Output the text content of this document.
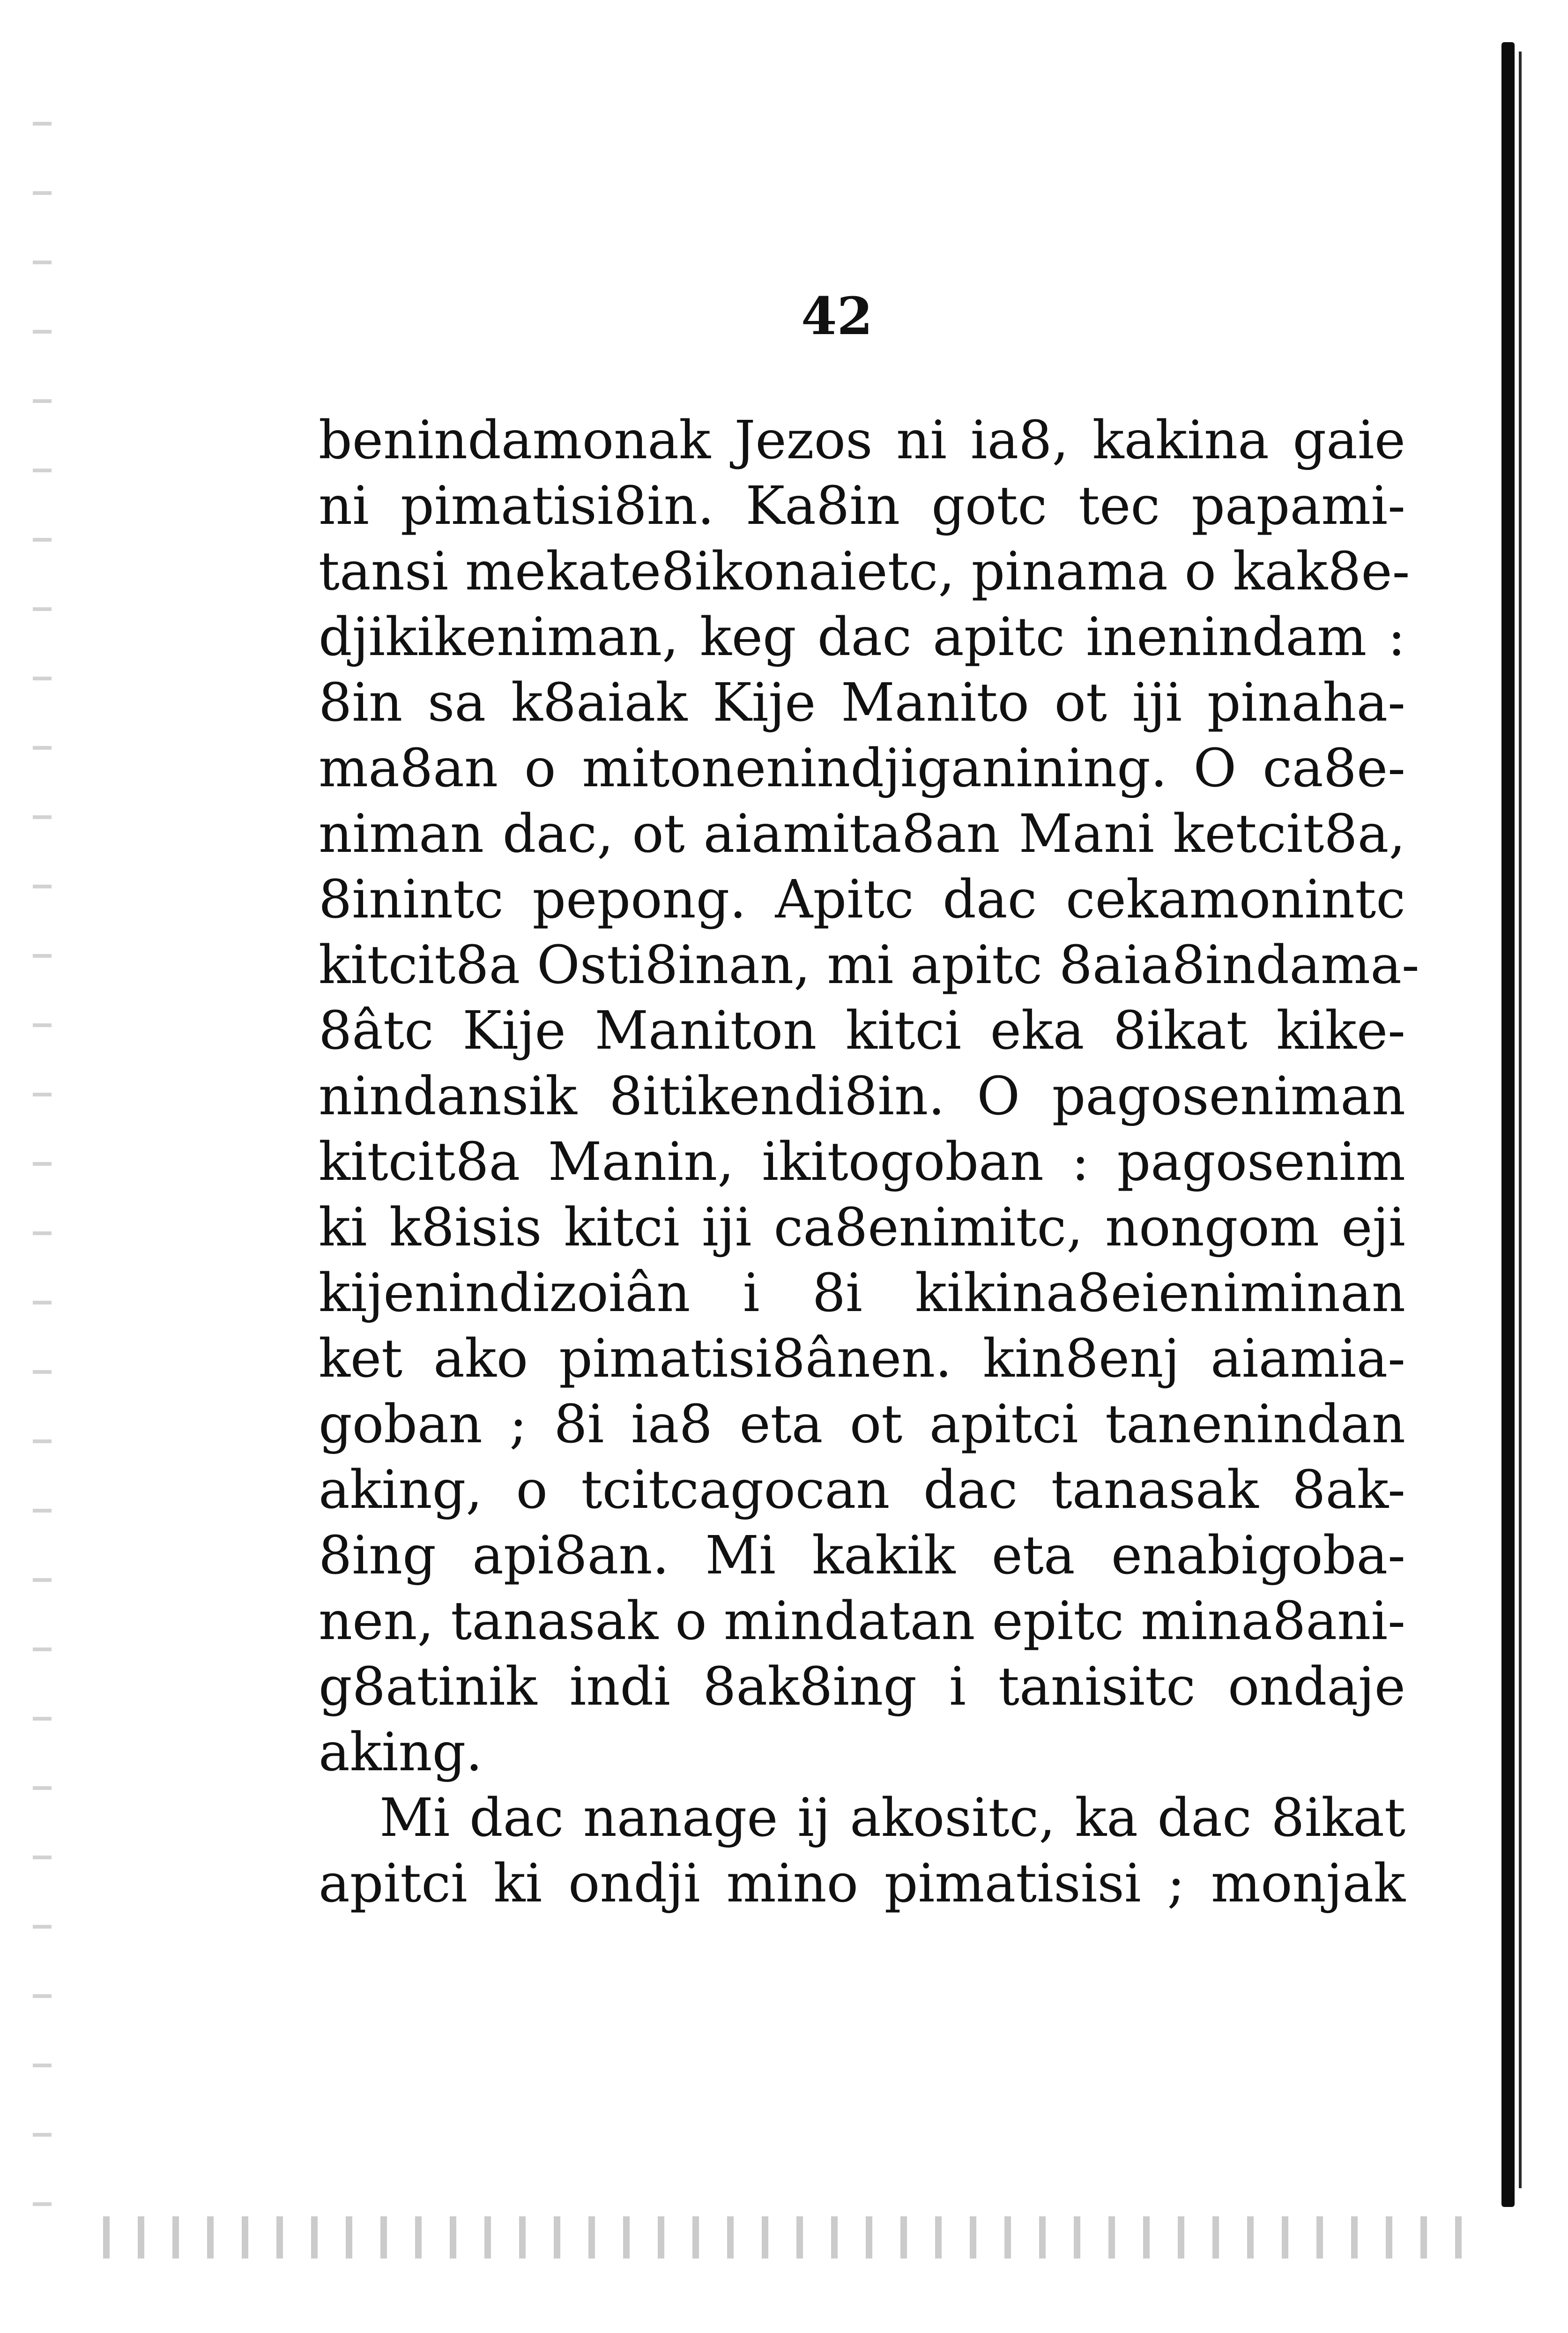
42
benindamonak Jezos ni ia8, kakina gaie
ni pimatisi8in. Ka8in gotc tec papami-
tansi mekate8ikonaietc, pinama o kak8e-
djikikeniman, keg dac apitc inenindam :
8in sa k8aiak Kije Manito ot iji pinaha-
ma8an o mitonenindjiganining. O ca8e-
niman dac, ot aiamita8an Mani ketcit8a,
8inintc pepong. Apitc dac cekamonintc
kitcit8a Osti8inan, mi apitc 8aia8indama-
8âtc Kije Maniton kitci eka 8ikat kike-
nindansik 8itikendi8in. O pagoseniman
kitcit8a Manin, ikitogoban : pagosenim
ki k8isis kitci iji ca8enimitc, nongom eji
kijenindizoiân i 8i kikina8eieniminan
ket ako pimatisi8ânen. kin8enj aiamia-
goban ; 8i ia8 eta ot apitci tanenindan
aking, o tcitcagocan dac tanasak 8ak-
8ing api8an. Mi kakik eta enabigoba-
nen, tanasak o mindatan epitc mina8ani-
g8atinik indi 8ak8ing i tanisitc ondaje
aking.
Mi dac nanage ij akositc, ka dac 8ikat
apitci ki ondji mino pimatisisi ; monjak
